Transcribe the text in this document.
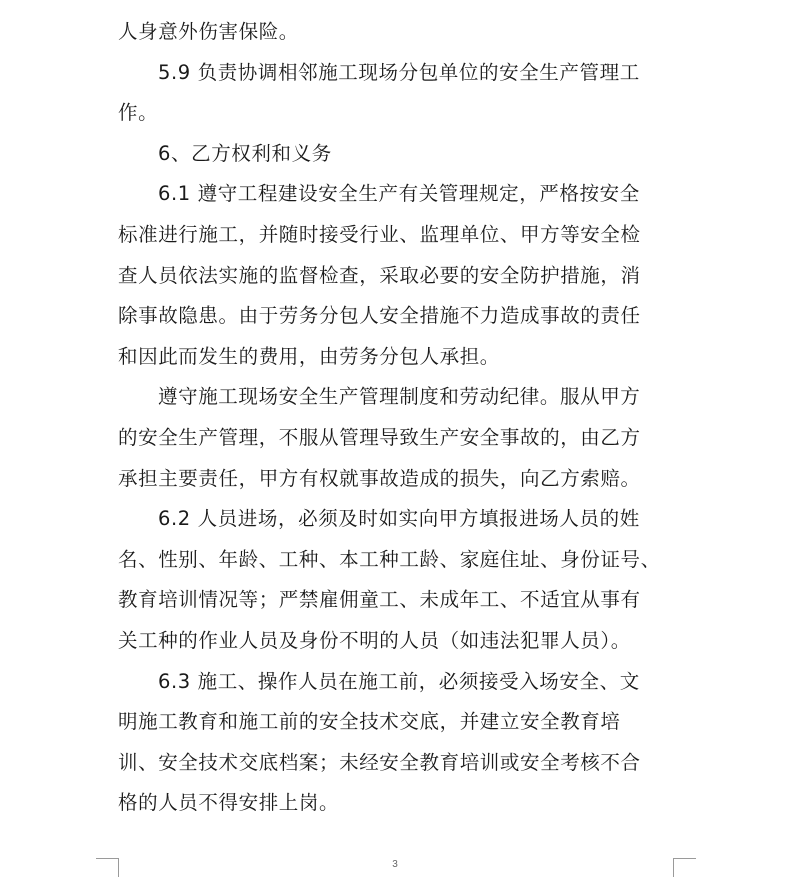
人身意外伤害保险。
5.9 负责协调相邻施工现场分包单位的安全生产管理工
作。
6、乙方权利和义务
6.1 遵守工程建设安全生产有关管理规定，严格按安全
标准进行施工，并随时接受行业、监理单位、甲方等安全检
查人员依法实施的监督检查，采取必要的安全防护措施，消
除事故隐患。由于劳务分包人安全措施不力造成事故的责任
和因此而发生的费用，由劳务分包人承担。
遵守施工现场安全生产管理制度和劳动纪律。服从甲方
的安全生产管理，不服从管理导致生产安全事故的，由乙方
承担主要责任，甲方有权就事故造成的损失，向乙方索赔。
6.2 人员进场，必须及时如实向甲方填报进场人员的姓
名、性别、年龄、工种、本工种工龄、家庭住址、身份证号、
教育培训情况等；严禁雇佣童工、未成年工、不适宜从事有
关工种的作业人员及身份不明的人员（如违法犯罪人员）。
6.3 施工、操作人员在施工前，必须接受入场安全、文
明施工教育和施工前的安全技术交底，并建立安全教育培
训、安全技术交底档案；未经安全教育培训或安全考核不合
格的人员不得安排上岗。
3
